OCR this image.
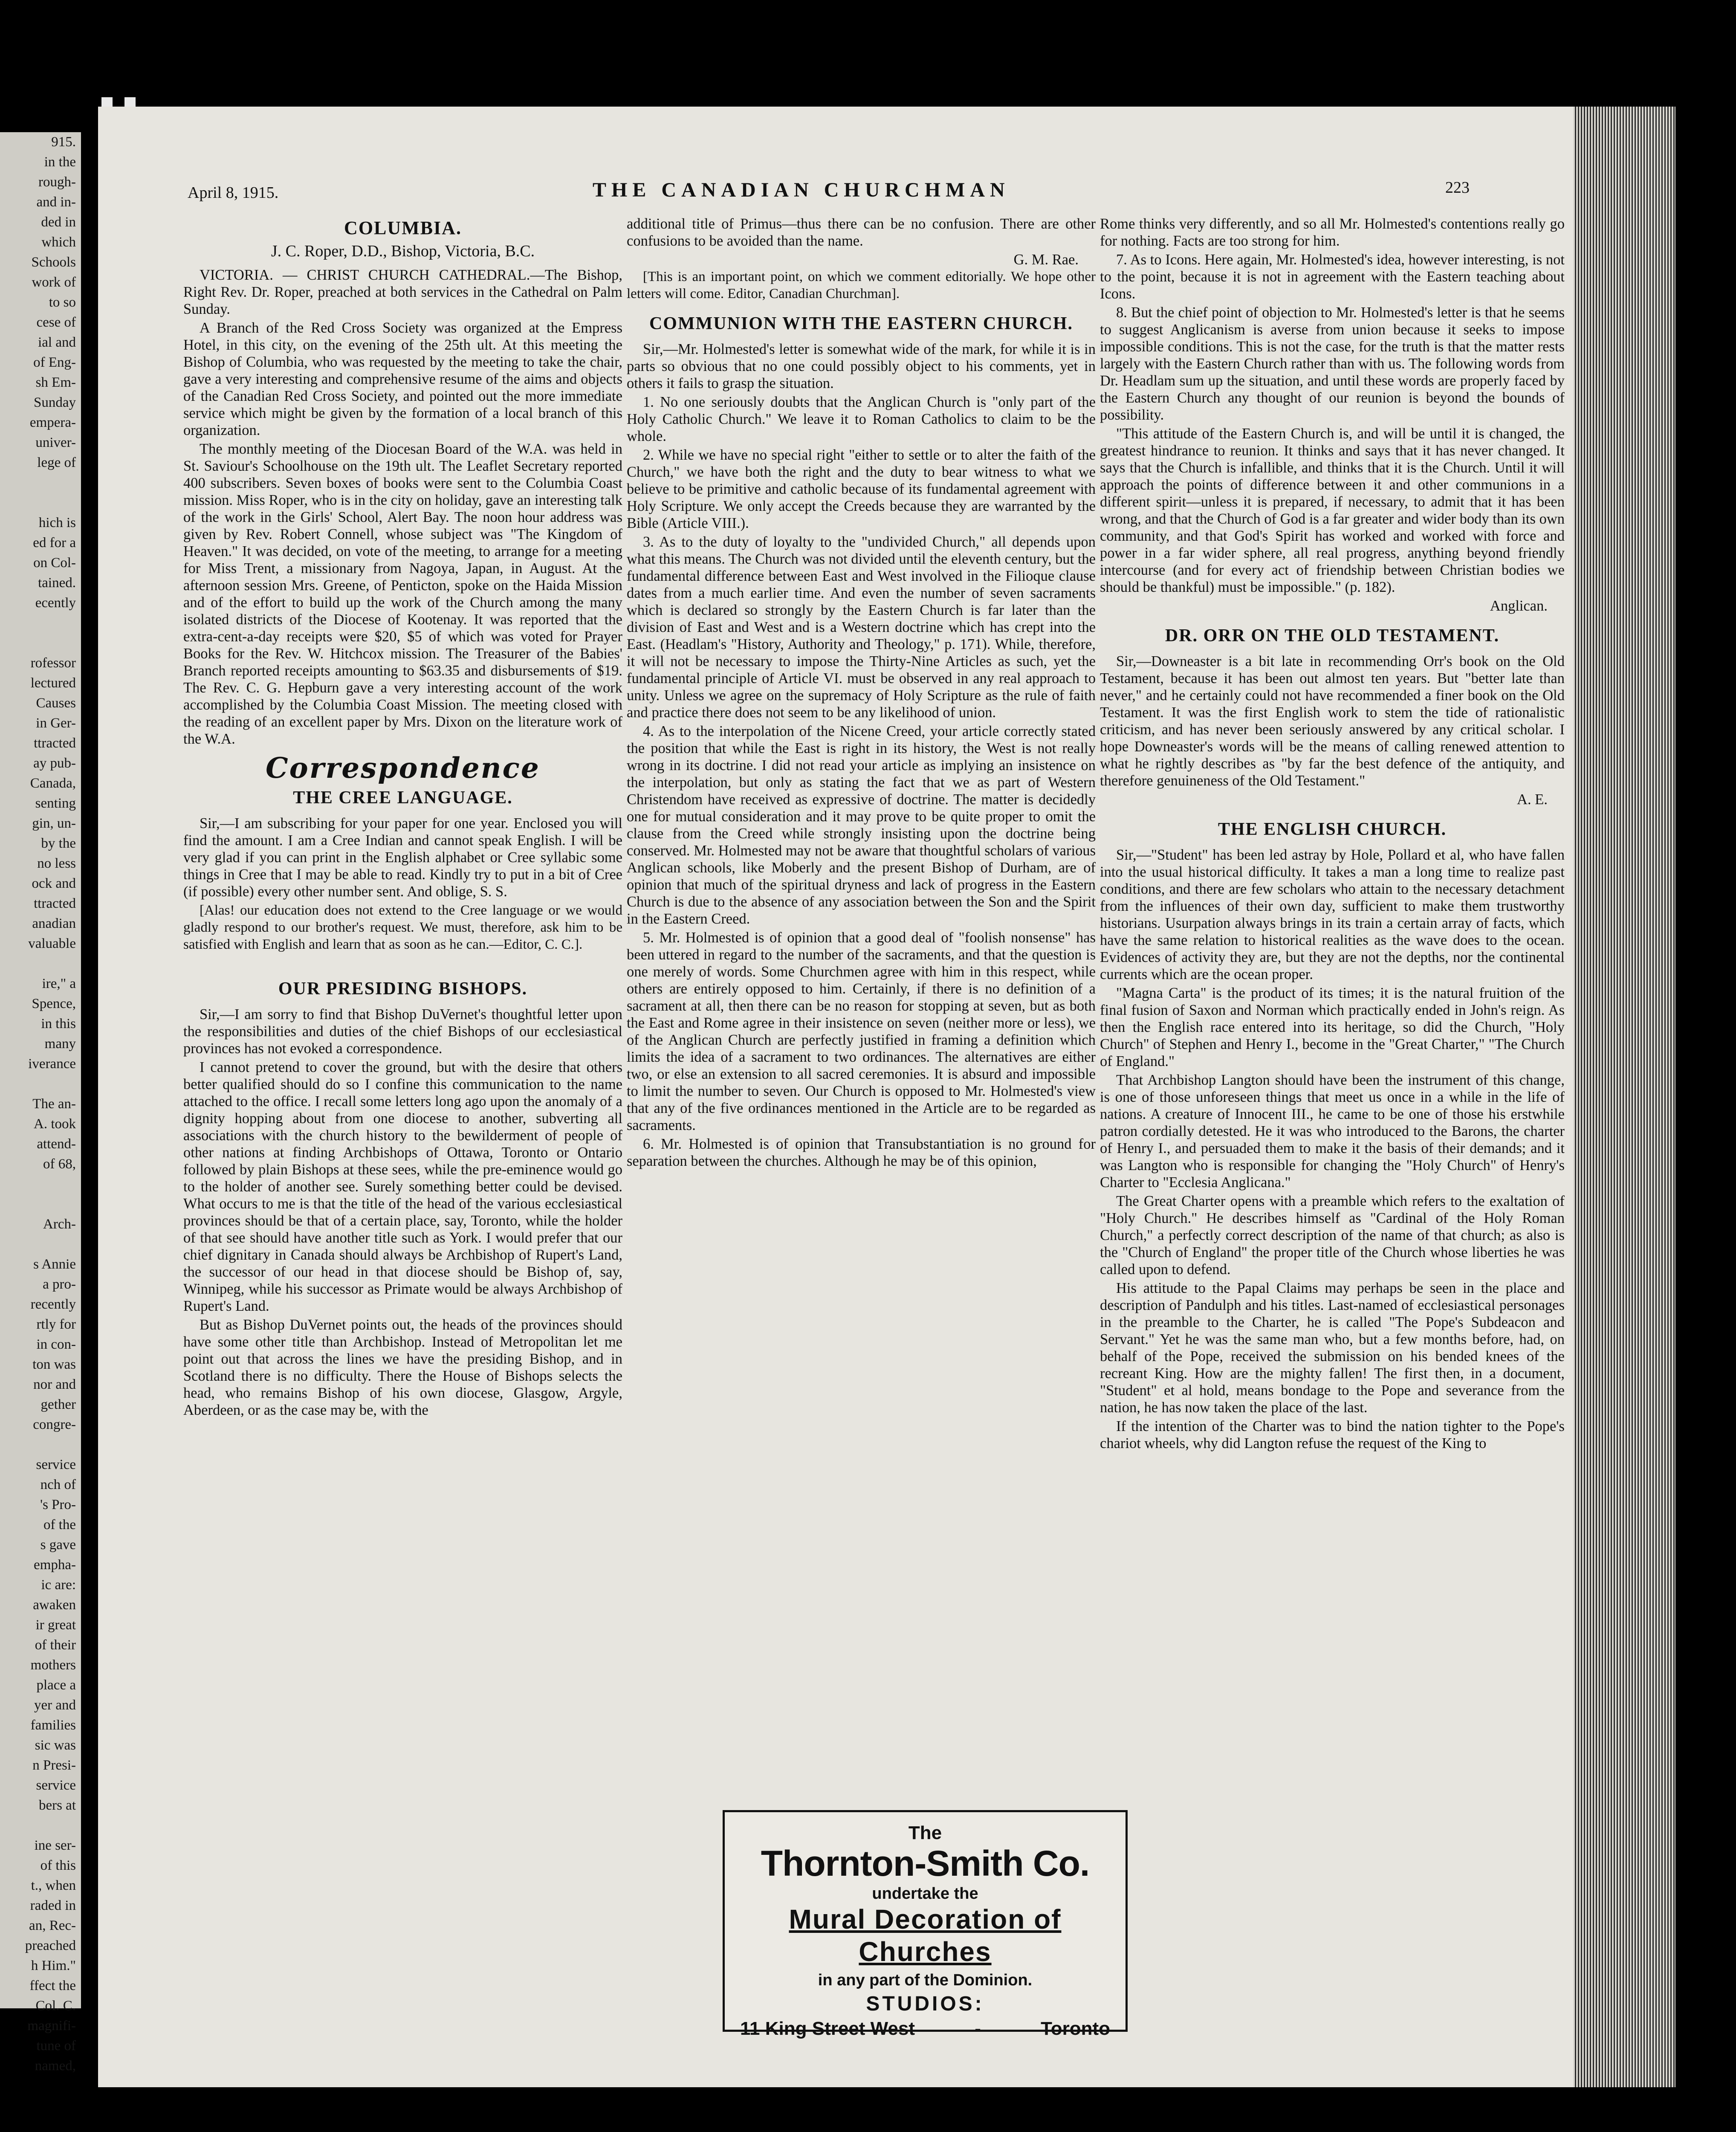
915.
in the
rough-
and in-
ded in
which
Schools
work of
to so
cese of
ial and
of Eng-
sh Em-
Sunday
empera-
univer-
lege of

hich is
ed for a
on Col-
tained.
ecently

rofessor
lectured
Causes
in Ger-
ttracted
ay pub-
Canada,
senting
gin, un-
by the
no less
ock and
ttracted
anadian
valuable

ire," a
Spence,
in this
many
iverance

The an-
A. took
attend-
of 68,

Arch-

s Annie
a pro-
recently
rtly for
in con-
ton was
nor and
gether
congre-

service
nch of
's Pro-
of the
s gave
empha-
ic are:
awaken
ir great
of their
mothers
place a
yer and
families
sic was
n Presi-
service
bers at

ine ser-
of this
t., when
raded in
an, Rec-
preached
h Him."
ffect the
Col. C.
magnifi-
tune of
named,
April 8, 1915.	THE CANADIAN CHURCHMAN	223
COLUMBIA.
J. C. Roper, D.D., Bishop, Victoria, B.C.

VICTORIA. — CHRIST CHURCH CATHEDRAL.—The Bishop, Right Rev. Dr. Roper, preached at both services in the Cathedral on Palm Sunday.

A Branch of the Red Cross Society was organized at the Empress Hotel, in this city, on the evening of the 25th ult. At this meeting the Bishop of Columbia, who was requested by the meeting to take the chair, gave a very interesting and comprehensive resume of the aims and objects of the Canadian Red Cross Society, and pointed out the more immediate service which might be given by the formation of a local branch of this organization.

The monthly meeting of the Diocesan Board of the W.A. was held in St. Saviour's Schoolhouse on the 19th ult. The Leaflet Secretary reported 400 subscribers. Seven boxes of books were sent to the Columbia Coast mission. Miss Roper, who is in the city on holiday, gave an interesting talk of the work in the Girls' School, Alert Bay. The noon hour address was given by Rev. Robert Connell, whose subject was "The Kingdom of Heaven." It was decided, on vote of the meeting, to arrange for a meeting for Miss Trent, a missionary from Nagoya, Japan, in August. At the afternoon session Mrs. Greene, of Penticton, spoke on the Haida Mission and of the effort to build up the work of the Church among the many isolated districts of the Diocese of Kootenay. It was reported that the extra-cent-a-day receipts were $20, $5 of which was voted for Prayer Books for the Rev. W. Hitchcox mission. The Treasurer of the Babies' Branch reported receipts amounting to $63.35 and disbursements of $19. The Rev. C. G. Hepburn gave a very interesting account of the work accomplished by the Columbia Coast Mission. The meeting closed with the reading of an excellent paper by Mrs. Dixon on the literature work of the W.A.

Correspondence
THE CREE LANGUAGE.

Sir,—I am subscribing for your paper for one year. Enclosed you will find the amount. I am a Cree Indian and cannot speak English. I will be very glad if you can print in the English alphabet or Cree syllabic some things in Cree that I may be able to read. Kindly try to put in a bit of Cree (if possible) every other number sent. And oblige, S. S.

[Alas! our education does not extend to the Cree language or we would gladly respond to our brother's request. We must, therefore, ask him to be satisfied with English and learn that as soon as he can.—Editor, C. C.].

OUR PRESIDING BISHOPS.

Sir,—I am sorry to find that Bishop DuVernet's thoughtful letter upon the responsibilities and duties of the chief Bishops of our ecclesiastical provinces has not evoked a correspondence.

I cannot pretend to cover the ground, but with the desire that others better qualified should do so I confine this communication to the name attached to the office. I recall some letters long ago upon the anomaly of a dignity hopping about from one diocese to another, subverting all associations with the church history to the bewilderment of people of other nations at finding Archbishops of Ottawa, Toronto or Ontario followed by plain Bishops at these sees, while the pre-eminence would go to the holder of another see. Surely something better could be devised. What occurs to me is that the title of the head of the various ecclesiastical provinces should be that of a certain place, say, Toronto, while the holder of that see should have another title such as York. I would prefer that our chief dignitary in Canada should always be Archbishop of Rupert's Land, the successor of our head in that diocese should be Bishop of, say, Winnipeg, while his successor as Primate would be always Archbishop of Rupert's Land.

But as Bishop DuVernet points out, the heads of the provinces should have some other title than Archbishop. Instead of Metropolitan let me point out that across the lines we have the presiding Bishop, and in Scotland there is no difficulty. There the House of Bishops selects the head, who remains Bishop of his own diocese, Glasgow, Argyle, Aberdeen, or as the case may be, with the

additional title of Primus—thus there can be no confusion. There are other confusions to be avoided than the name.

G. M. Rae.

[This is an important point, on which we comment editorially. We hope other letters will come. Editor, Canadian Churchman].

COMMUNION WITH THE EASTERN CHURCH.

Sir,—Mr. Holmested's letter is somewhat wide of the mark, for while it is in parts so obvious that no one could possibly object to his comments, yet in others it fails to grasp the situation.

1. No one seriously doubts that the Anglican Church is "only part of the Holy Catholic Church." We leave it to Roman Catholics to claim to be the whole.

2. While we have no special right "either to settle or to alter the faith of the Church," we have both the right and the duty to bear witness to what we believe to be primitive and catholic because of its fundamental agreement with Holy Scripture. We only accept the Creeds because they are warranted by the Bible (Article VIII.).

3. As to the duty of loyalty to the "undivided Church," all depends upon what this means. The Church was not divided until the eleventh century, but the fundamental difference between East and West involved in the Filioque clause dates from a much earlier time. And even the number of seven sacraments which is declared so strongly by the Eastern Church is far later than the division of East and West and is a Western doctrine which has crept into the East. (Headlam's "History, Authority and Theology," p. 171). While, therefore, it will not be necessary to impose the Thirty-Nine Articles as such, yet the fundamental principle of Article VI. must be observed in any real approach to unity. Unless we agree on the supremacy of Holy Scripture as the rule of faith and practice there does not seem to be any likelihood of union.

4. As to the interpolation of the Nicene Creed, your article correctly stated the position that while the East is right in its history, the West is not really wrong in its doctrine. I did not read your article as implying an insistence on the interpolation, but only as stating the fact that we as part of Western Christendom have received as expressive of doctrine. The matter is decidedly one for mutual consideration and it may prove to be quite proper to omit the clause from the Creed while strongly insisting upon the doctrine being conserved. Mr. Holmested may not be aware that thoughtful scholars of various Anglican schools, like Moberly and the present Bishop of Durham, are of opinion that much of the spiritual dryness and lack of progress in the Eastern Church is due to the absence of any association between the Son and the Spirit in the Eastern Creed.

5. Mr. Holmested is of opinion that a good deal of "foolish nonsense" has been uttered in regard to the number of the sacraments, and that the question is one merely of words. Some Churchmen agree with him in this respect, while others are entirely opposed to him. Certainly, if there is no definition of a sacrament at all, then there can be no reason for stopping at seven, but as both the East and Rome agree in their insistence on seven (neither more or less), we of the Anglican Church are perfectly justified in framing a definition which limits the idea of a sacrament to two ordinances. The alternatives are either two, or else an extension to all sacred ceremonies. It is absurd and impossible to limit the number to seven. Our Church is opposed to Mr. Holmested's view that any of the five ordinances mentioned in the Article are to be regarded as sacraments.

6. Mr. Holmested is of opinion that Transubstantiation is no ground for separation between the churches. Although he may be of this opinion,

Rome thinks very differently, and so all Mr. Holmested's contentions really go for nothing. Facts are too strong for him.

7. As to Icons. Here again, Mr. Holmested's idea, however interesting, is not to the point, because it is not in agreement with the Eastern teaching about Icons.

8. But the chief point of objection to Mr. Holmested's letter is that he seems to suggest Anglicanism is averse from union because it seeks to impose impossible conditions. This is not the case, for the truth is that the matter rests largely with the Eastern Church rather than with us. The following words from Dr. Headlam sum up the situation, and until these words are properly faced by the Eastern Church any thought of our reunion is beyond the bounds of possibility.

"This attitude of the Eastern Church is, and will be until it is changed, the greatest hindrance to reunion. It thinks and says that it has never changed. It says that the Church is infallible, and thinks that it is the Church. Until it will approach the points of difference between it and other communions in a different spirit—unless it is prepared, if necessary, to admit that it has been wrong, and that the Church of God is a far greater and wider body than its own community, and that God's Spirit has worked and worked with force and power in a far wider sphere, all real progress, anything beyond friendly intercourse (and for every act of friendship between Christian bodies we should be thankful) must be impossible." (p. 182).

Anglican.
DR. ORR ON THE OLD TESTAMENT.

Sir,—Downeaster is a bit late in recommending Orr's book on the Old Testament, because it has been out almost ten years. But "better late than never," and he certainly could not have recommended a finer book on the Old Testament. It was the first English work to stem the tide of rationalistic criticism, and has never been seriously answered by any critical scholar. I hope Downeaster's words will be the means of calling renewed attention to what he rightly describes as "by far the best defence of the antiquity, and therefore genuineness of the Old Testament."

A. E.
THE ENGLISH CHURCH.

Sir,—"Student" has been led astray by Hole, Pollard et al, who have fallen into the usual historical difficulty. It takes a man a long time to realize past conditions, and there are few scholars who attain to the necessary detachment from the influences of their own day, sufficient to make them trustworthy historians. Usurpation always brings in its train a certain array of facts, which have the same relation to historical realities as the wave does to the ocean. Evidences of activity they are, but they are not the depths, nor the continental currents which are the ocean proper.

"Magna Carta" is the product of its times; it is the natural fruition of the final fusion of Saxon and Norman which practically ended in John's reign. As then the English race entered into its heritage, so did the Church, "Holy Church" of Stephen and Henry I., become in the "Great Charter," "The Church of England."

That Archbishop Langton should have been the instrument of this change, is one of those unforeseen things that meet us once in a while in the life of nations. A creature of Innocent III., he came to be one of those his erstwhile patron cordially detested. He it was who introduced to the Barons, the charter of Henry I., and persuaded them to make it the basis of their demands; and it was Langton who is responsible for changing the "Holy Church" of Henry's Charter to "Ecclesia Anglicana."

The Great Charter opens with a preamble which refers to the exaltation of "Holy Church." He describes himself as "Cardinal of the Holy Roman Church," a perfectly correct description of the name of that church; as also is the "Church of England" the proper title of the Church whose liberties he was called upon to defend.

His attitude to the Papal Claims may perhaps be seen in the place and description of Pandulph and his titles. Last-named of ecclesiastical personages in the preamble to the Charter, he is called "The Pope's Subdeacon and Servant." Yet he was the same man who, but a few months before, had, on behalf of the Pope, received the submission on his bended knees of the recreant King. How are the mighty fallen! The first then, in a document, "Student" et al hold, means bondage to the Pope and severance from the nation, he has now taken the place of the last.

If the intention of the Charter was to bind the nation tighter to the Pope's chariot wheels, why did Langton refuse the request of the King to

The
Thornton-Smith Co.
undertake the
Mural Decoration of
Churches
in any part of the Dominion.
STUDIOS:
11 King Street West	-	Toronto
